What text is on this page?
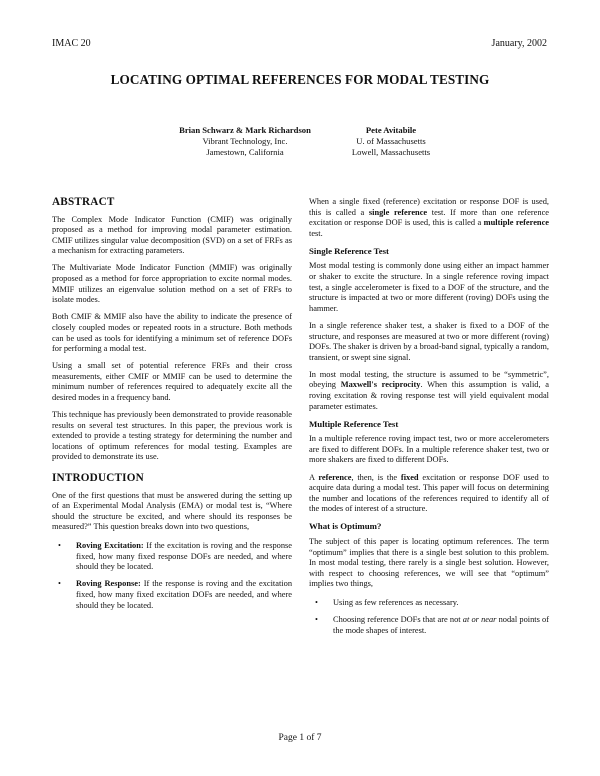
IMAC 20	January, 2002
LOCATING OPTIMAL REFERENCES FOR MODAL TESTING
Brian Schwarz & Mark Richardson
Vibrant Technology, Inc.
Jamestown, California
Pete Avitabile
U. of Massachusetts
Lowell, Massachusetts
ABSTRACT

The Complex Mode Indicator Function (CMIF) was originally proposed as a method for improving modal parameter estimation. CMIF utilizes singular value decomposition (SVD) on a set of FRFs as a mechanism for extracting parameters.

The Multivariate Mode Indicator Function (MMIF) was originally proposed as a method for force appropriation to excite normal modes. MMIF utilizes an eigenvalue solution method on a set of FRFs to isolate modes.

Both CMIF & MMIF also have the ability to indicate the presence of closely coupled modes or repeated roots in a structure. Both methods can be used as tools for identifying a minimum set of reference DOFs for performing a modal test.

Using a small set of potential reference FRFs and their cross measurements, either CMIF or MMIF can be used to determine the minimum number of references required to adequately excite all the desired modes in a frequency band.

This technique has previously been demonstrated to provide reasonable results on several test structures. In this paper, the previous work is extended to provide a testing strategy for determining the number and locations of optimum references for modal testing. Examples are provided to demonstrate its use.

INTRODUCTION

One of the first questions that must be answered during the setting up of an Experimental Modal Analysis (EMA) or modal test is, “Where should the structure be excited, and where should its responses be measured?” This question breaks down into two questions,

• Roving Excitation: If the excitation is roving and the response fixed, how many fixed response DOFs are needed, and where should they be located.
• Roving Response: If the response is roving and the excitation fixed, how many fixed excitation DOFs are needed, and where should they be located.

When a single fixed (reference) excitation or response DOF is used, this is called a single reference test. If more than one reference excitation or response DOF is used, this is called a multiple reference test.

Single Reference Test

Most modal testing is commonly done using either an impact hammer or shaker to excite the structure. In a single reference roving impact test, a single accelerometer is fixed to a DOF of the structure, and the structure is impacted at two or more different (roving) DOFs using the hammer.

In a single reference shaker test, a shaker is fixed to a DOF of the structure, and responses are measured at two or more different (roving) DOFs. The shaker is driven by a broad-band signal, typically a random, transient, or swept sine signal.

In most modal testing, the structure is assumed to be “symmetric”, obeying Maxwell's reciprocity. When this assumption is valid, a roving excitation & roving response test will yield equivalent modal parameter estimates.

Multiple Reference Test

In a multiple reference roving impact test, two or more accelerometers are fixed to different DOFs. In a multiple reference shaker test, two or more shakers are fixed to different DOFs.

A reference, then, is the fixed excitation or response DOF used to acquire data during a modal test. This paper will focus on determining the number and locations of the references required to identify all of the modes of interest of a structure.

What is Optimum?

The subject of this paper is locating optimum references. The term “optimum” implies that there is a single best solution to this problem. In most modal testing, there rarely is a single best solution. However, with respect to choosing references, we will see that “optimum” implies two things,

• Using as few references as necessary.
• Choosing reference DOFs that are not at or near nodal points of the mode shapes of interest.
Page 1 of 7
